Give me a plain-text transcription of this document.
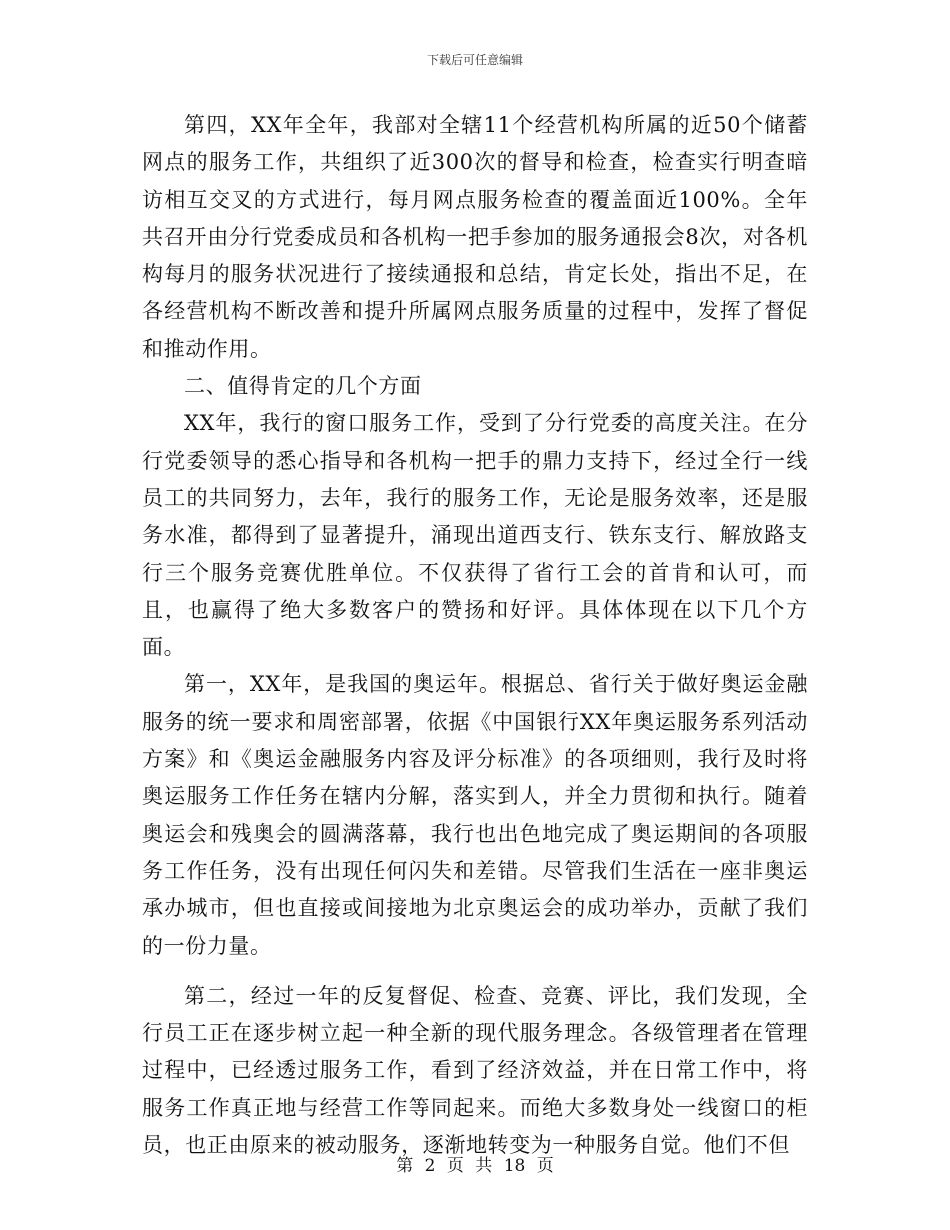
下载后可任意编辑

第四，XX年全年，我部对全辖11个经营机构所属的近50个储蓄网点的服务工作，共组织了近300次的督导和检查，检查实行明查暗访相互交叉的方式进行，每月网点服务检查的覆盖面近100%。全年共召开由分行党委成员和各机构一把手参加的服务通报会8次，对各机构每月的服务状况进行了接续通报和总结，肯定长处，指出不足，在各经营机构不断改善和提升所属网点服务质量的过程中，发挥了督促和推动作用。

二、值得肯定的几个方面

XX年，我行的窗口服务工作，受到了分行党委的高度关注。在分行党委领导的悉心指导和各机构一把手的鼎力支持下，经过全行一线员工的共同努力，去年，我行的服务工作，无论是服务效率，还是服务水准，都得到了显著提升，涌现出道西支行、铁东支行、解放路支行三个服务竞赛优胜单位。不仅获得了省行工会的首肯和认可，而且，也赢得了绝大多数客户的赞扬和好评。具体体现在以下几个方面。

第一，XX年，是我国的奥运年。根据总、省行关于做好奥运金融服务的统一要求和周密部署，依据《中国银行XX年奥运服务系列活动方案》和《奥运金融服务内容及评分标准》的各项细则，我行及时将奥运服务工作任务在辖内分解，落实到人，并全力贯彻和执行。随着奥运会和残奥会的圆满落幕，我行也出色地完成了奥运期间的各项服务工作任务，没有出现任何闪失和差错。尽管我们生活在一座非奥运承办城市，但也直接或间接地为北京奥运会的成功举办，贡献了我们的一份力量。

第二，经过一年的反复督促、检查、竞赛、评比，我们发现，全行员工正在逐步树立起一种全新的现代服务理念。各级管理者在管理过程中，已经透过服务工作，看到了经济效益，并在日常工作中，将服务工作真正地与经营工作等同起来。而绝大多数身处一线窗口的柜员，也正由原来的被动服务，逐渐地转变为一种服务自觉。他们不但

第 2 页 共 18 页
